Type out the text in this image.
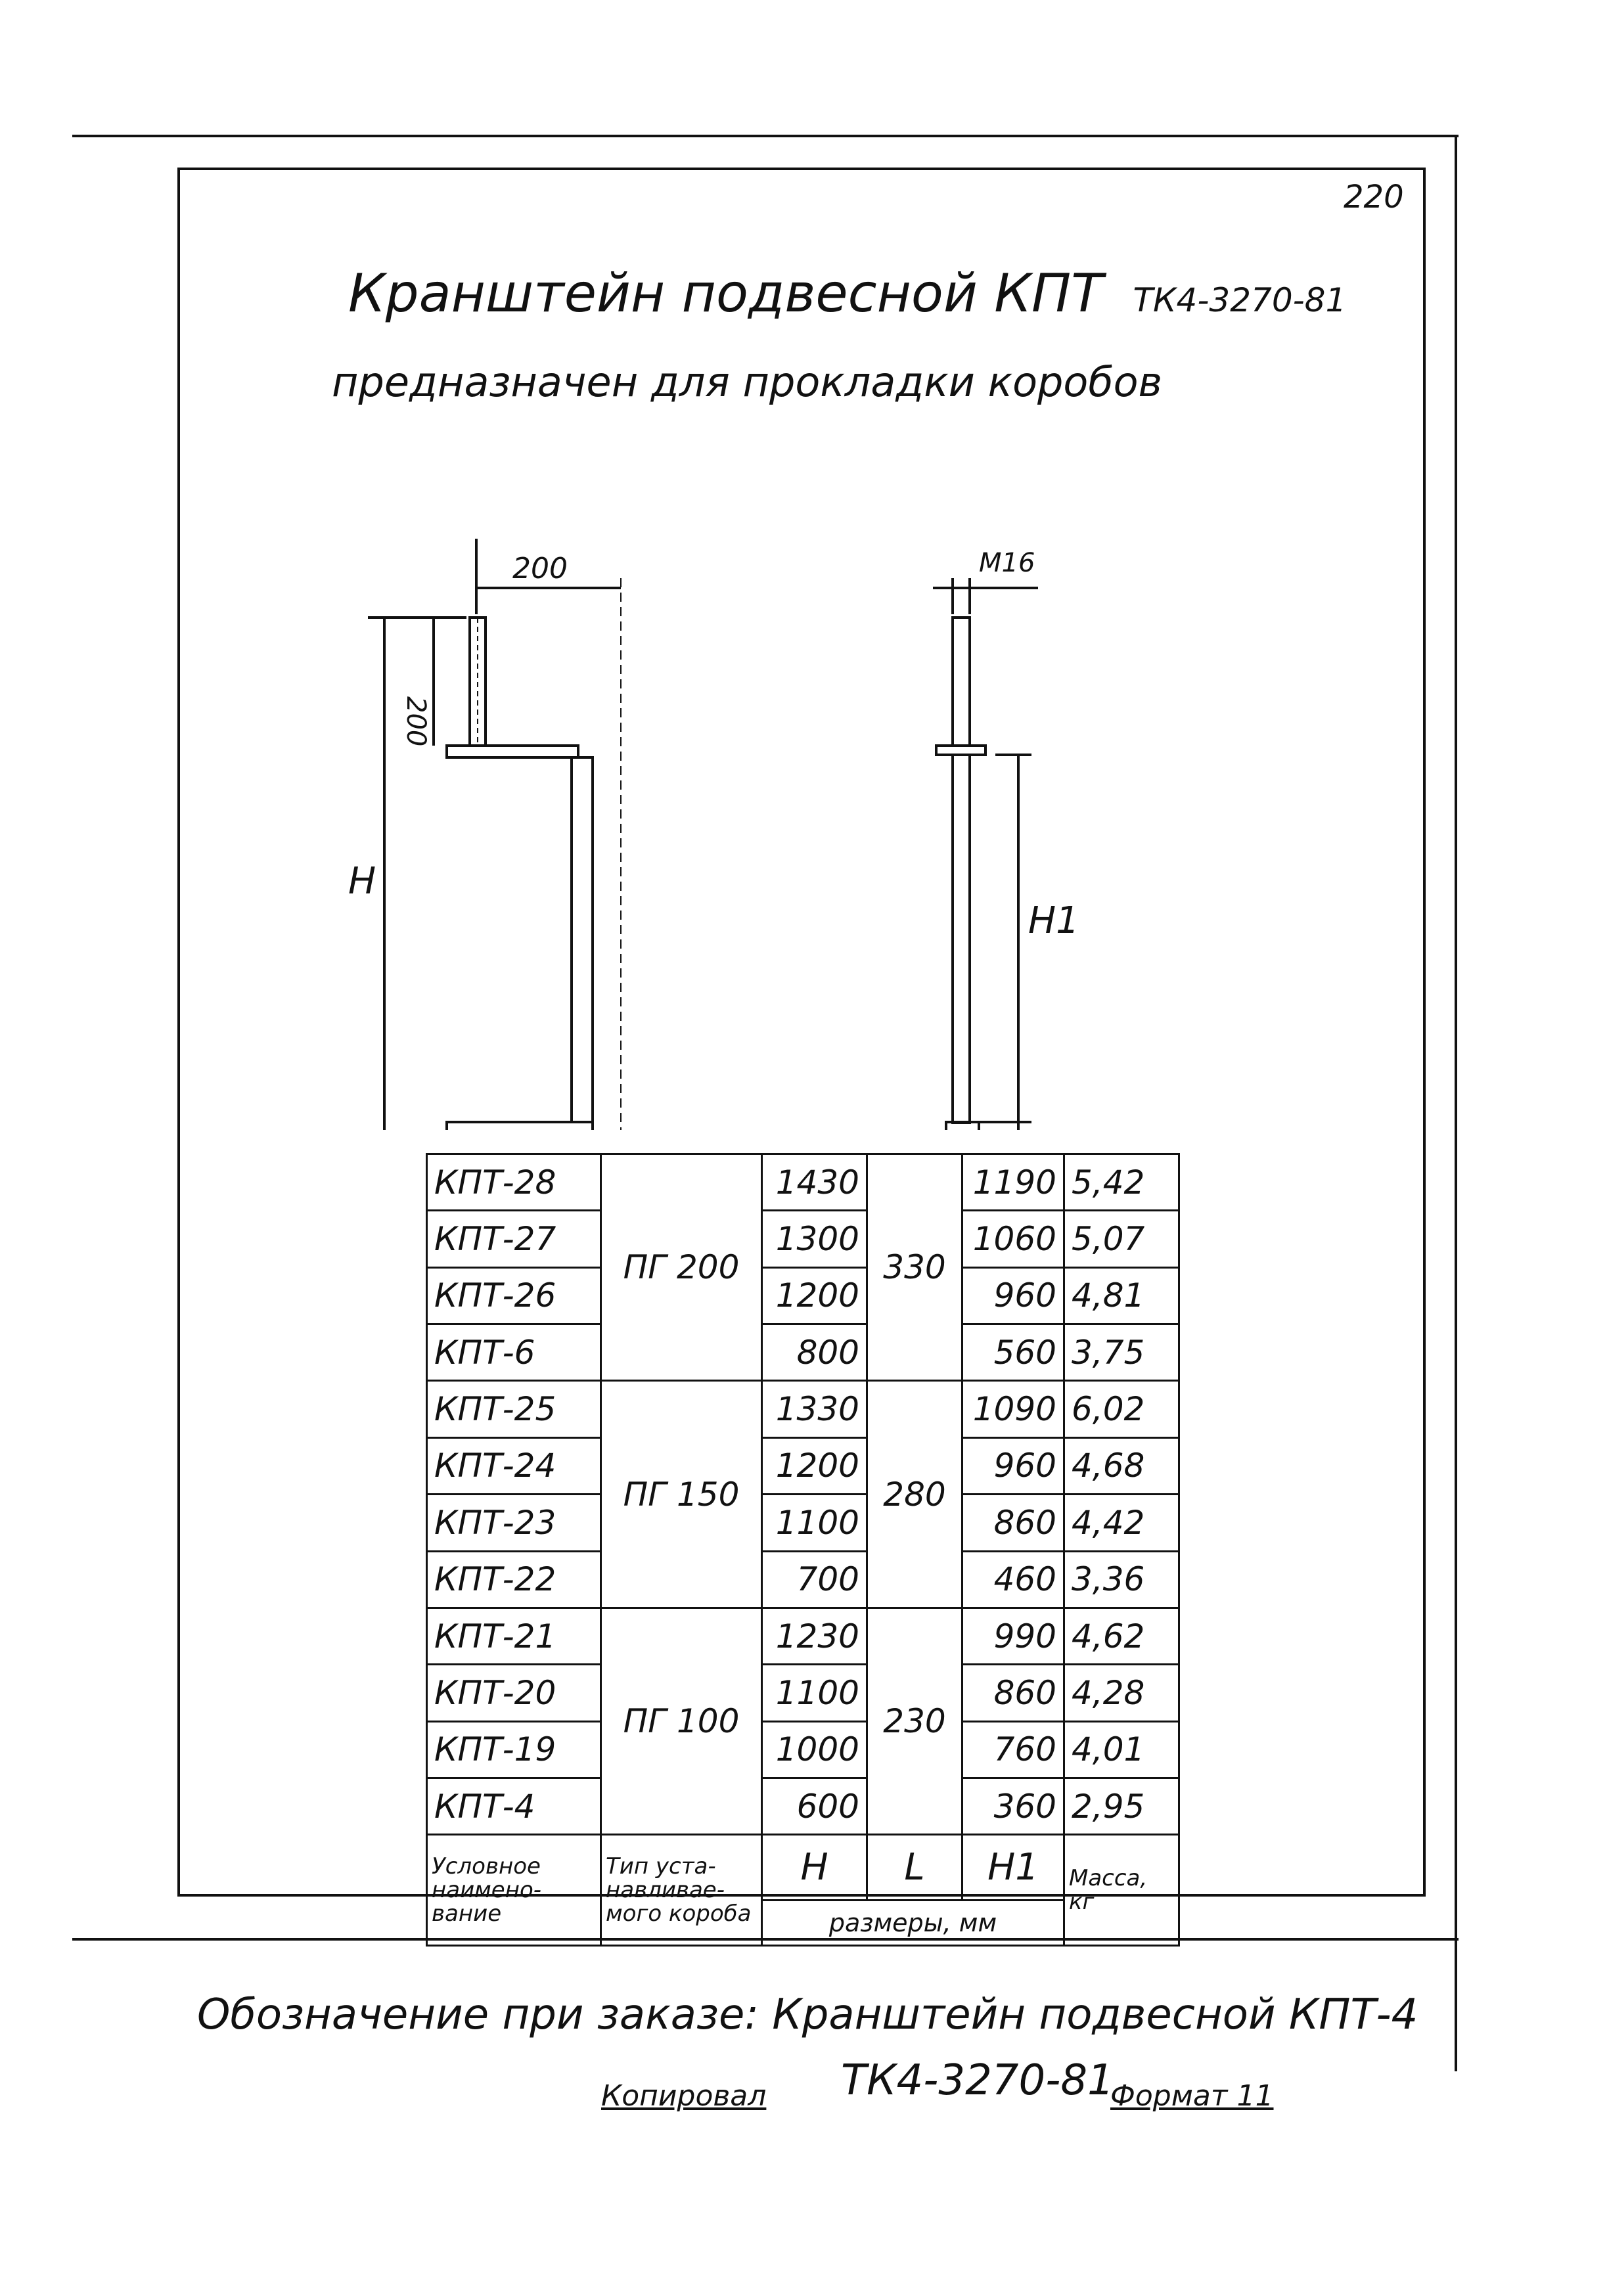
220
Кранштейн подвесной КПТ ТК4-3270-81
предназначен для прокладки коробов
200
200
H
M16
H1
КПТ-28	ПГ 200	1430	330	1190	5,42
КПТ-27		1300		1060	5,07
КПТ-26		1200		960	4,81
КПТ-6		800		560	3,75
КПТ-25	ПГ 150	1330	280	1090	6,02
КПТ-24		1200		960	4,68
КПТ-23		1100		860	4,42
КПТ-22		700		460	3,36
КПТ-21	ПГ 100	1230	230	990	4,62
КПТ-20		1100		860	4,28
КПТ-19		1000		760	4,01
КПТ-4		600		360	2,95
Условное наимено-вание	Тип уста-навливае-мого короба	H	L	H1	Масса, кг
		размеры, мм			
Обозначение при заказе: Кранштейн подвесной КПТ-4
ТК4-3270-81
Копировал	Формат 11
